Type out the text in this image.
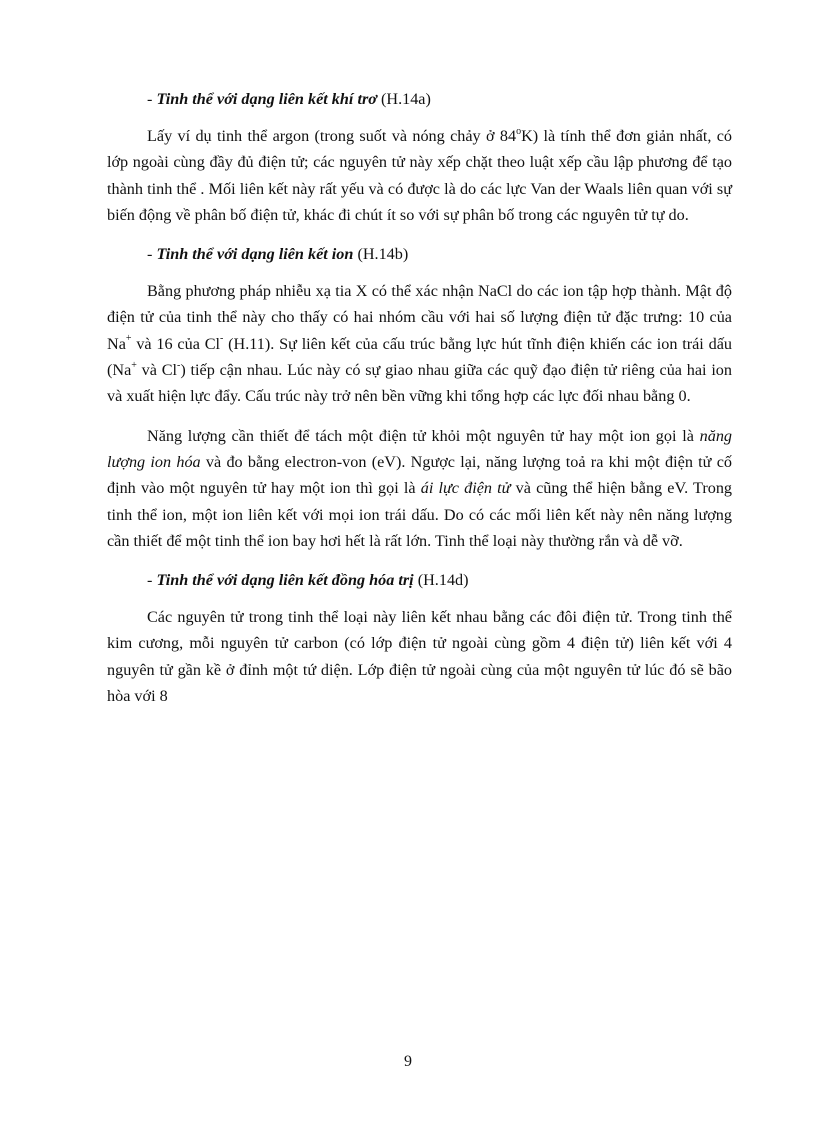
- Tinh thể với dạng liên kết khí trơ (H.14a)

Lấy ví dụ tinh thể argon (trong suốt và nóng chảy ở 84$^o$K) là tính thể đơn giản nhất, có lớp ngoài cùng đầy đủ điện tử; các nguyên tử này xếp chặt theo luật xếp cầu lập phương để tạo thành tinh thể . Mối liên kết này rất yếu và có được là do các lực Van der Waals liên quan với sự biến động về phân bố điện tử, khác đi chút ít so với sự phân bố trong các nguyên tử tự do.

- Tinh thể với dạng liên kết ion (H.14b)

Bằng phương pháp nhiễu xạ tia X có thể xác nhận NaCl do các ion tập hợp thành. Mật độ điện tử của tinh thể này cho thấy có hai nhóm cầu với hai số lượng điện tử đặc trưng: 10 của Na+ và 16 của Cl- (H.11). Sự liên kết của cấu trúc bằng lực hút tĩnh điện khiến các ion trái dấu (Na+ và Cl-) tiếp cận nhau. Lúc này có sự giao nhau giữa các quỹ đạo điện tử riêng của hai ion và xuất hiện lực đẩy. Cấu trúc này trở nên bền vững khi tổng hợp các lực đối nhau bằng 0.

Năng lượng cần thiết để tách một điện tử khỏi một nguyên tử hay một ion gọi là năng lượng ion hóa và đo bằng electron-von (eV). Ngược lại, năng lượng toả ra khi một điện tử cố định vào một nguyên tử hay một ion thì gọi là ái lực điện tử và cũng thể hiện bằng eV. Trong tinh thể ion, một ion liên kết với mọi ion trái dấu. Do có các mối liên kết này nên năng lượng cần thiết để một tinh thể ion bay hơi hết là rất lớn. Tinh thể loại này thường rắn và dễ vỡ.

- Tinh thể với dạng liên kết đồng hóa trị (H.14d)

Các nguyên tử trong tinh thể loại này liên kết nhau bằng các đôi điện tử. Trong tinh thể kim cương, mỗi nguyên tử carbon (có lớp điện tử ngoài cùng gồm 4 điện tử) liên kết với 4 nguyên tử gần kề ở đỉnh một tứ diện. Lớp điện tử ngoài cùng của một nguyên tử lúc đó sẽ bão hòa với 8

9
